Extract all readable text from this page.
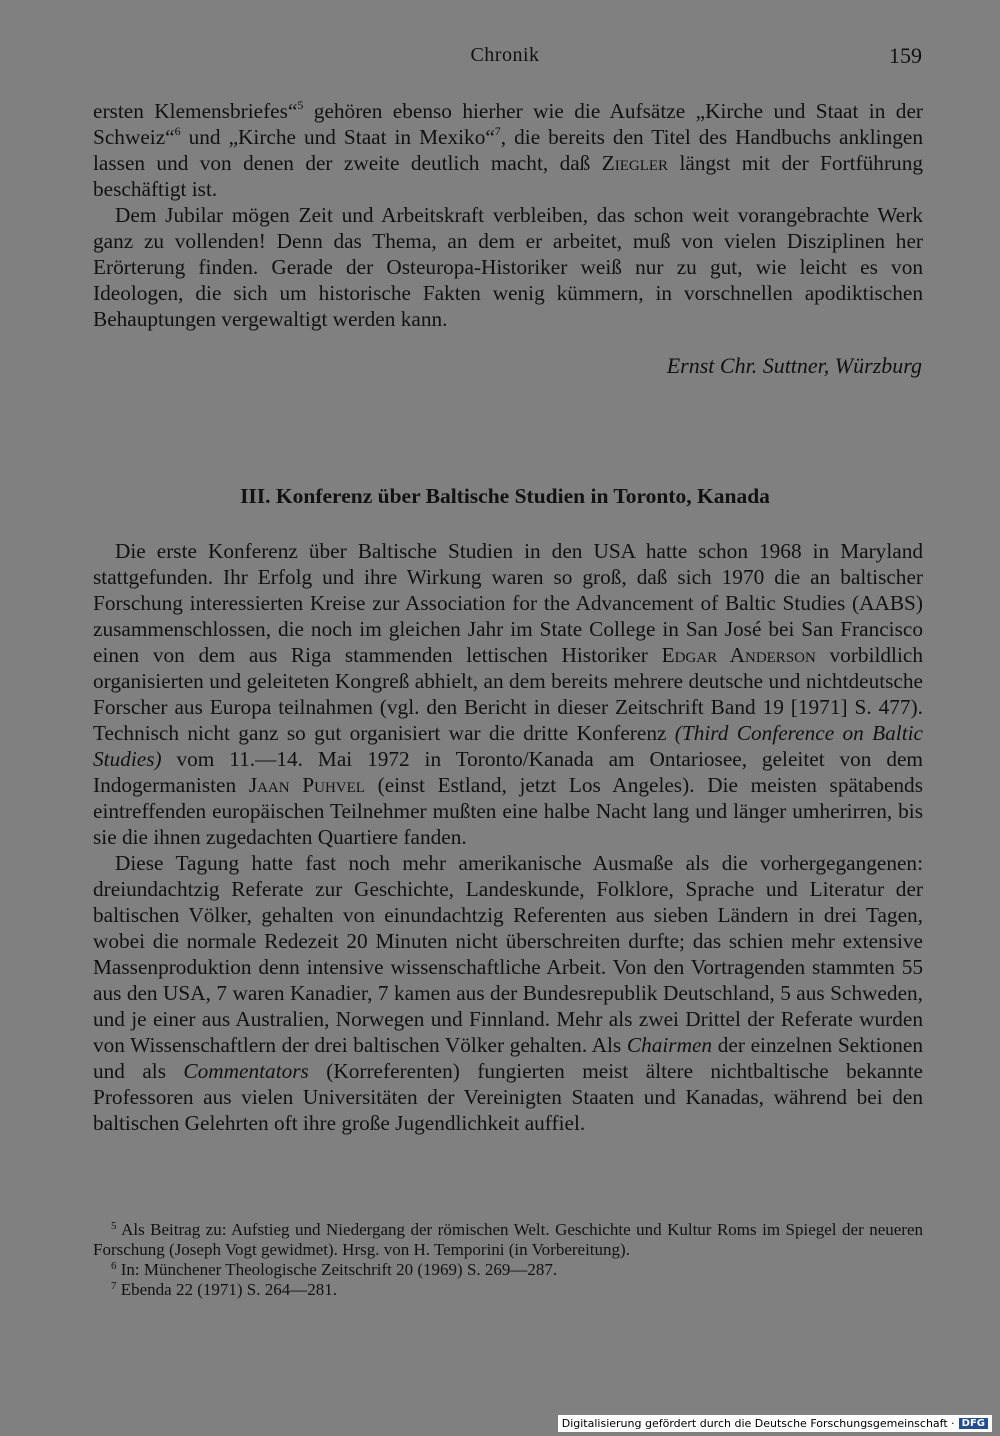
Chronik	159

ersten Klemensbriefes“$^5$ gehören ebenso hierher wie die Aufsätze „Kirche und Staat in der Schweiz“$^6$ und „Kirche und Staat in Mexiko“$^7$, die bereits den Titel des Handbuchs anklingen lassen und von denen der zweite deutlich macht, daß Ziegler längst mit der Fortführung beschäftigt ist.

Dem Jubilar mögen Zeit und Arbeitskraft verbleiben, das schon weit vorangebrachte Werk ganz zu vollenden! Denn das Thema, an dem er arbeitet, muß von vielen Disziplinen her Erörterung finden. Gerade der Osteuropa-Historiker weiß nur zu gut, wie leicht es von Ideologen, die sich um historische Fakten wenig kümmern, in vorschnellen apodiktischen Behauptungen vergewaltigt werden kann.

Ernst Chr. Suttner, Würzburg
III. Konferenz über Baltische Studien in Toronto, Kanada

Die erste Konferenz über Baltische Studien in den USA hatte schon 1968 in Maryland stattgefunden. Ihr Erfolg und ihre Wirkung waren so groß, daß sich 1970 die an baltischer Forschung interessierten Kreise zur Association for the Advancement of Baltic Studies (AABS) zusammenschlossen, die noch im gleichen Jahr im State College in San José bei San Francisco einen von dem aus Riga stammenden lettischen Historiker Edgar Anderson vorbildlich organisierten und geleiteten Kongreß abhielt, an dem bereits mehrere deutsche und nichtdeutsche Forscher aus Europa teilnahmen (vgl. den Bericht in dieser Zeitschrift Band 19 [1971] S. 477). Technisch nicht ganz so gut organisiert war die dritte Konferenz (Third Conference on Baltic Studies) vom 11.—14. Mai 1972 in Toronto/Kanada am Ontariosee, geleitet von dem Indogermanisten Jaan Puhvel (einst Estland, jetzt Los Angeles). Die meisten spätabends eintreffenden europäischen Teilnehmer mußten eine halbe Nacht lang und länger umherirren, bis sie die ihnen zugedachten Quartiere fanden.

Diese Tagung hatte fast noch mehr amerikanische Ausmaße als die vorhergegangenen: dreiundachtzig Referate zur Geschichte, Landeskunde, Folklore, Sprache und Literatur der baltischen Völker, gehalten von einundachtzig Referenten aus sieben Ländern in drei Tagen, wobei die normale Redezeit 20 Minuten nicht überschreiten durfte; das schien mehr extensive Massenproduktion denn intensive wissenschaftliche Arbeit. Von den Vortragenden stammten 55 aus den USA, 7 waren Kanadier, 7 kamen aus der Bundesrepublik Deutschland, 5 aus Schweden, und je einer aus Australien, Norwegen und Finnland. Mehr als zwei Drittel der Referate wurden von Wissenschaftlern der drei baltischen Völker gehalten. Als Chairmen der einzelnen Sektionen und als Commentators (Korreferenten) fungierten meist ältere nichtbaltische bekannte Professoren aus vielen Universitäten der Vereinigten Staaten und Kanadas, während bei den baltischen Gelehrten oft ihre große Jugendlichkeit auffiel.

$^5$ Als Beitrag zu: Aufstieg und Niedergang der römischen Welt. Geschichte und Kultur Roms im Spiegel der neueren Forschung (Joseph Vogt gewidmet). Hrsg. von H. Temporini (in Vorbereitung).

$^6$ In: Münchener Theologische Zeitschrift 20 (1969) S. 269—287.

$^7$ Ebenda 22 (1971) S. 264—281.

Digitalisierung gefördert durch die Deutsche Forschungsgemeinschaft · DFG
